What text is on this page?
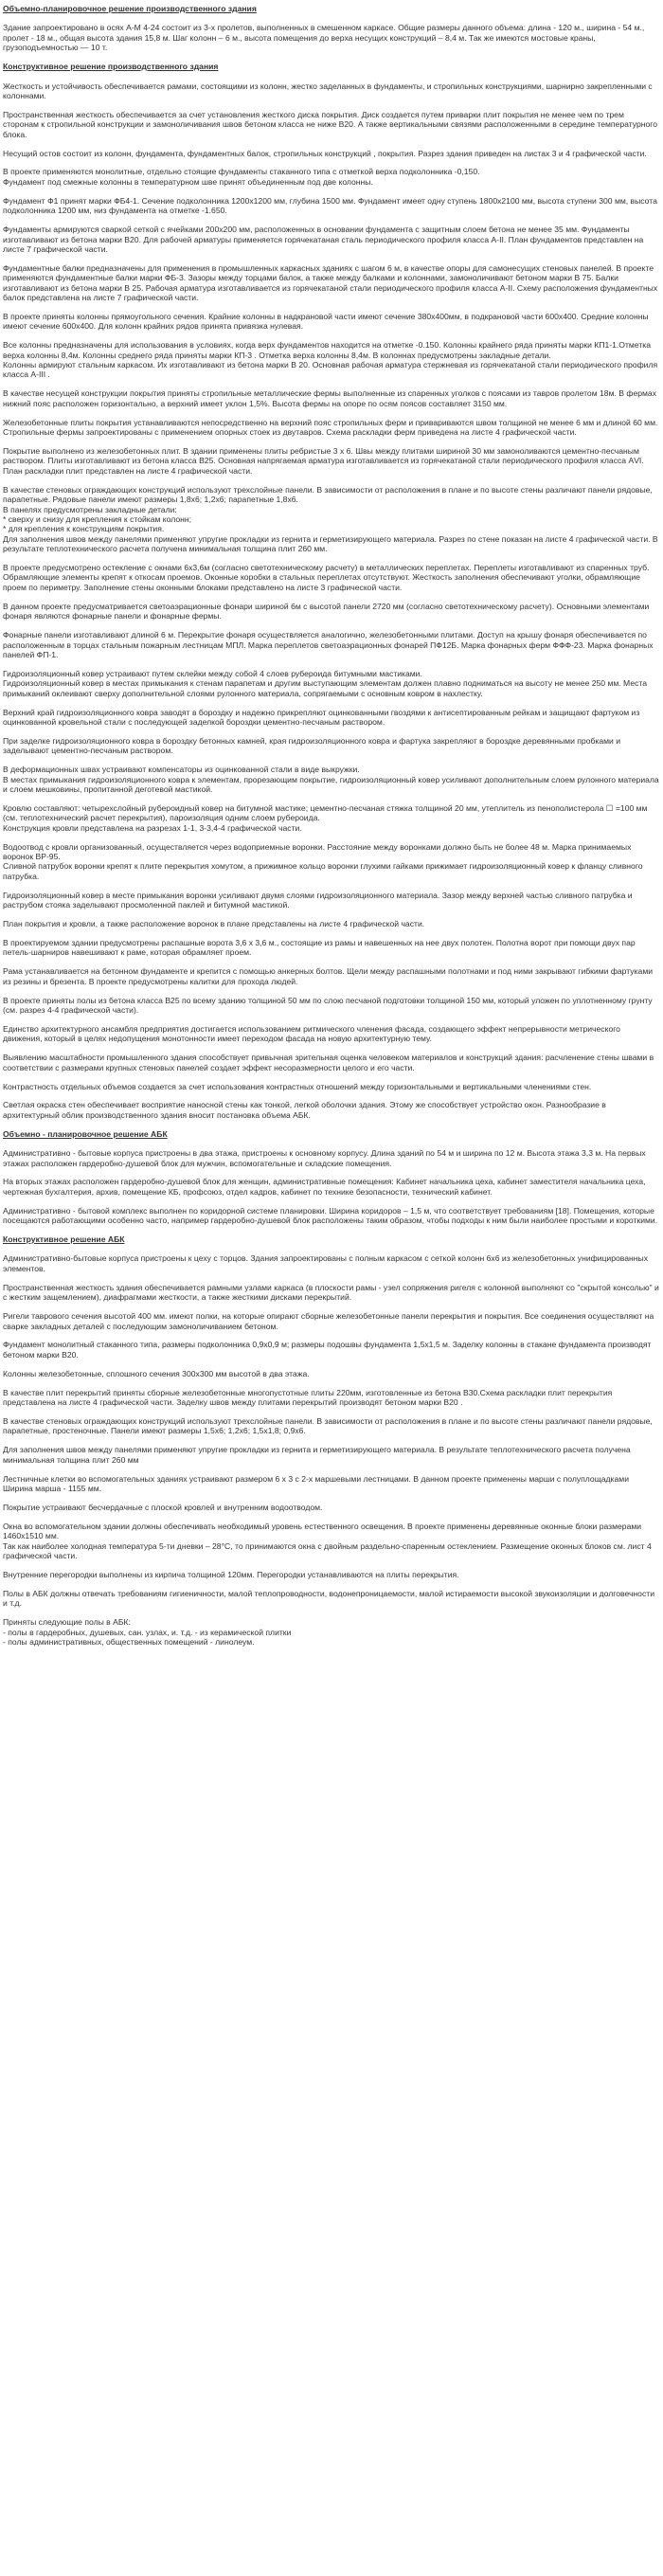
Объемно-планировочное решение производственного здания
Здание запроектировано в осях А-М 4-24 состоит из 3-х пролетов, выполненных в смешенном каркасе. Общие размеры данного объема: длина - 120 м., ширина - 54 м., пролет - 18 м., общая высота здания 15,8 м. Шаг колонн – 6 м., высота помещения до верха несущих конструкций – 8,4 м. Так же имеются мостовые краны, грузоподъемностью — 10 т.
Конструктивное решение производственного здания
Жесткость и устойчивость обеспечивается рамами, состоящими из колонн, жестко заделанных в фундаменты, и стропильных конструкциями, шарнирно закрепленными с колоннами.
Пространственная жесткость обеспечивается за счет установления жесткого диска покрытия. Диск создается путем приварки плит покрытия не менее чем по трем сторонам к стропильной конструкции и замоноличивания швов бетоном класса не ниже В20. А также вертикальными связями расположенными в середине температурного блока.
Несущий остов состоит из колонн, фундамента, фундаментных балок, стропильных конструкций , покрытия. Разрез здания приведен на листах 3 и 4 графической части.
В проекте применяются монолитные, отдельно стоящие фундаменты стаканного типа с отметкой верха подколонника -0,150.
Фундамент под смежные колонны в температурном шве принят объединенным под две колонны.
Фундамент Ф1 принят марки ФБ4-1. Сечение подколонника 1200х1200 мм, глубина 1500 мм. Фундамент имеет одну ступень 1800х2100 мм, высота ступени 300 мм, высота подколонника 1200 мм, низ фундамента на отметке -1.650.
Фундаменты армируются сваркой сеткой с ячейками 200х200 мм, расположенных в основании фундамента с защитным слоем бетона не менее 35 мм. Фундаменты изготавливают из бетона марки В20. Для рабочей арматуры применяется горячекатаная сталь периодического профиля класса А-II. План фундаментов представлен на листе 7 графической части.
Фундаментные балки предназначены для применения в промышленных каркасных зданиях с шагом 6 м, в качестве опоры для самонесущих стеновых панелей. В проекте применяются фундаментные балки марки ФБ-3. Зазоры между торцами балок, а также между балками и колоннами, замоноличивают бетоном марки В 75. Балки изготавливают из бетона марки В 25. Рабочая арматура изготавливается из горячекатаной стали периодического профиля класса А-II. Схему расположения фундаментных балок представлена на листе 7 графической части.
В проекте приняты колонны прямоугольного сечения. Крайние колонны в надкрановой части имеют сечение 380х400мм, в подкрановой части 600х400. Средние колонны имеют сечение 600х400. Для колонн крайних рядов принята привязка нулевая.
Все колонны предназначены для использования в условиях, когда верх фундаментов находится на отметке -0.150. Колонны крайнего ряда приняты марки КП1-1.Отметка верха колонны 8,4м. Колонны среднего ряда приняты марки КП-3 . Отметка верха колонны 8,4м. В колоннах предусмотрены закладные детали.
Колонны армируют стальным каркасом. Их изготавливают из бетона марки В 20. Основная рабочая арматура стержневая из горячекатаной стали периодического профиля класса А-III .
В качестве несущей конструкции покрытия приняты стропильные металлические фермы выполненные из спаренных уголков с поясами из тавров пролетом 18м. В фермах нижний пояс расположен горизонтально, а верхний имеет уклон 1,5%. Высота фермы на опоре по осям поясов составляет 3150 мм.
Железобетонные плиты покрытия устанавливаются непосредственно на верхний пояс стропильных ферм и привариваются швом толщиной не менее 6 мм и длиной 60 мм. Стропильные фермы запроектированы с применением опорных стоек из двутавров. Схема раскладки ферм приведена на листе 4 графической части.
Покрытие выполнено из железобетонных плит. В здании применены плиты ребристые 3 х 6. Швы между плитами шириной 30 мм замоноливаются цементно-песчаным раствором. Плиты изготавливают из бетона класса В25. Основная напрягаемая арматура изготавливается из горячекатаной стали периодического профиля класса АVI. План раскладки плит представлен на листе 4 графической части.
В качестве стеновых ограждающих конструкций используют трехслойные панели. В зависимости от расположения в плане и по высоте стены различают панели рядовые, парапетные. Рядовые панели имеют размеры 1,8х6; 1,2х6; парапетные 1,8х6.
В панелях предусмотрены закладные детали:
* сверху и снизу для крепления к стойкам колонн;
* для крепления к конструкциям покрытия.
Для заполнения швов между панелями применяют упругие прокладки из гернита и герметизирующего материала. Разрез по стене показан на листе 4 графической части. В результате теплотехнического расчета получена минимальная толщина плит 260 мм.
В проекте предусмотрено остекление с окнами 6х3,6м (согласно светотехническому расчету) в металлических переплетах. Переплеты изготавливают из спаренных труб. Обрамляющие элементы крепят к откосам проемов. Оконные коробки в стальных переплетах отсутствуют. Жесткость заполнения обеспечивают уголки, обрамляющие проем по периметру. Заполнение стены оконными блоками представлено на листе 3 графической части.
В данном проекте предусматривается светоаэрационные фонари шириной 6м с высотой панели 2720 мм (согласно светотехническому расчету). Основными элементами фонаря являются фонарные панели и фонарные фермы.
Фонарные панели изготавливают длиной 6 м. Перекрытие фонаря осуществляется аналогично, железобетонными плитами. Доступ на крышу фонаря обеспечивается по расположенным в торцах стальным пожарным лестницам МПЛ. Марка переплетов светоаэрационных фонарей ПФ12Б. Марка фонарных ферм ФФФ-23. Марка фонарных панелей ФП-1.
Гидроизоляционный ковер устраивают путем склейки между собой 4 слоев рубероида битумными мастиками.
Гидроизоляционный ковер в местах примыкания к стенам парапетам и другим выступающим элементам должен плавно подниматься на высоту не менее 250 мм. Места примыканий оклеивают сверху дополнительной слоями рулонного материала, сопрягаемыми с основным ковром в нахлестку.
Верхний край гидроизоляционного ковра заводят в бороздку и надежно прикрепляют оцинкованными гвоздями к антисептированным рейкам и защищают фартуком из оцинкованной кровельной стали с последующей заделкой бороздки цементно-песчаным раствором.
При заделке гидроизоляционного ковра в бороздку бетонных камней, края гидроизоляционного ковра и фартука закрепляют в бороздке деревянными пробками и заделывают цементно-песчаным раствором.
В деформационных швах устраивают компенсаторы из оцинкованной стали в виде выкружки.
В местах примыкания гидроизоляционного ковра к элементам, прорезающим покрытие, гидроизоляционный ковер усиливают дополнительным слоем рулонного материала и слоем мешковины, пропитанной деготевой мастикой.
Кровлю составляют: четырехслойный рубероидный ковер на битумной мастике; цементно-песчаная стяжка толщиной 20 мм, утеплитель из пенополистерола ☐ =100 мм (см. теплотехнический расчет перекрытия), пароизоляция одним слоем рубероида.
Конструкция кровли представлена на разрезах 1-1, 3-3,4-4 графической части.
Водоотвод с кровли организованный, осуществляется через водоприемные воронки. Расстояние между воронками должно быть не более 48 м. Марка принимаемых воронок ВР-95.
Сливной патрубок воронки крепят к плите перекрытия хомутом, а прижимное кольцо воронки глухими гайками прижимает гидроизоляционный ковер к фланцу сливного патрубка.
Гидроизоляционный ковер в месте примыкания воронки усиливают двумя слоями гидроизоляционного материала. Зазор между верхней частью сливного патрубка и раструбом стояка заделывают просмоленной паклей и битумной мастикой.
План покрытия и кровли, а также расположение воронок в плане представлены на листе 4 графической части.
В проектируемом здании предусмотрены распашные ворота 3,6 х 3,6 м., состоящие из рамы и навешенных на нее двух полотен. Полотна ворот при помощи двух пар петель-шарниров навешивают к раме, которая обрамляет проем.
Рама устанавливается на бетонном фундаменте и крепится с помощью анкерных болтов. Щели между распашными полотнами и под ними закрывают гибкими фартуками из резины и брезента. В проекте предусмотрены калитки для прохода людей.
В проекте приняты полы из бетона класса В25 по всему зданию толщиной 50 мм по слою песчаной подготовки толщиной 150 мм, который уложен по уплотненному грунту (см. разрез 4-4 графической части).
Единство архитектурного ансамбля предприятия достигается использованием ритмического членения фасада, создающего эффект непрерывности метрического движения, который в целях недопущения монотонности имеет переходом фасада на новую архитектурную тему.
Выявлению масштабности промышленного здания способствует привычная зрительная оценка человеком материалов и конструкций здания: расчленение стены швами в соответствии с размерами крупных стеновых панелей создает эффект несоразмерности целого и его части.
Контрастность отдельных объемов создается за счет использования контрастных отношений между горизонтальными и вертикальными членениями стен.
Светлая окраска стен обеспечивает восприятие наносной стены как тонкой, легкой оболочки здания. Этому же способствует устройство окон. Разнообразие в архитектурный облик производственного здания вносит постановка объема АБК.
Объемно - планировочное решение АБК
Административно - бытовые корпуса пристроены в два этажа, пристроены к основному корпусу. Длина зданий по 54 м и ширина по 12 м. Высота этажа 3,3 м. На первых этажах расположен гардеробно-душевой блок для мужчин, вспомогательные и складские помещения.
На вторых этажах расположен гардеробно-душевой блок для женщин, административные помещения: Кабинет начальника цеха, кабинет заместителя начальника цеха, чертежная бухгалтерия, архив, помещение КБ, профсоюз, отдел кадров, кабинет по технике безопасности, технический кабинет.
Административно - бытовой комплекс выполнен по коридорной системе планировки. Ширина коридоров – 1,5 м, что соответствует требованиям [18]. Помещения, которые посещаются работающими особенно часто, например гардеробно-душевой блок расположены таким образом, чтобы подходы к ним были наиболее простыми и короткими.
Конструктивное решение АБК
Административно-бытовые корпуса пристроены к цеху с торцов. Здания запроектированы с полным каркасом с сеткой колонн 6х6 из железобетонных унифицированных элементов.
Пространственная жесткость здания обеспечивается рамными узлами каркаса (в плоскости рамы - узел сопряжения ригеля с колонной выполняют со "скрытой консолью" и с жестким защемлением), диафрагмами жесткости, а также жесткими дисками перекрытий.
Ригели таврового сечения высотой 400 мм. имеют полки, на которые опирают сборные железобетонные панели перекрытия и покрытия. Все соединения осуществляют на сварке закладных деталей с последующим замоноличиванием бетоном.
Фундамент монолитный стаканного типа, размеры подколонника 0,9х0,9 м; размеры подошвы фундамента 1,5х1,5 м. Заделку колонны в стакане фундамента производят бетоном марки В20.
Колонны железобетонные, сплошного сечения 300х300 мм высотой в два этажа.
В качестве плит перекрытий приняты сборные железобетонные многопустотные плиты 220мм, изготовленные из бетона В30.Схема раскладки плит перекрытия представлена на листе 4 графической части. Заделку швов между плитами перекрытий производят бетоном марки В20 .
В качестве стеновых ограждающих конструкций используют трехслойные панели. В зависимости от расположения в плане и по высоте стены различают панели рядовые, парапетные, простеночные. Панели имеют размеры 1,5х6; 1,2х6; 1,5х1,8; 0,9х6.
Для заполнения швов между панелями применяют упругие прокладки из гернита и герметизирующего материала. В результате теплотехнического расчета получена минимальная толщина плит 260 мм
Лестничные клетки во вспомогательных зданиях устраивают размером 6 х 3 с 2-х маршевыми лестницами. В данном проекте применены марши с полуплощадками Ширина марша - 1155 мм.
Покрытие устраивают бесчердачные с плоской кровлей и внутренним водоотводом.
Окна во вспомогательном здании должны обеспечивать необходимый уровень естественного освещения. В проекте применены деревянные оконные блоки размерами 1460х1510 мм.
Так как наиболее холодная температура 5-ти дневки – 28°С, то принимаются окна с двойным раздельно-спаренным остеклением. Размещение оконных блоков см. лист 4 графической части.
Внутренние перегородки выполнены из кирпича толщиной 120мм. Перегородки устанавливаются на плиты перекрытия.
Полы в АБК должны отвечать требованиям гигиеничности, малой теплопроводности, водонепроницаемости, малой истираемости высокой звукоизоляции и долговечности и т.д.
Приняты следующие полы в АБК:
- полы в гардеробных, душевых, сан. узлах, и. т.д. - из керамической плитки
- полы административных, общественных помещений - линолеум.
